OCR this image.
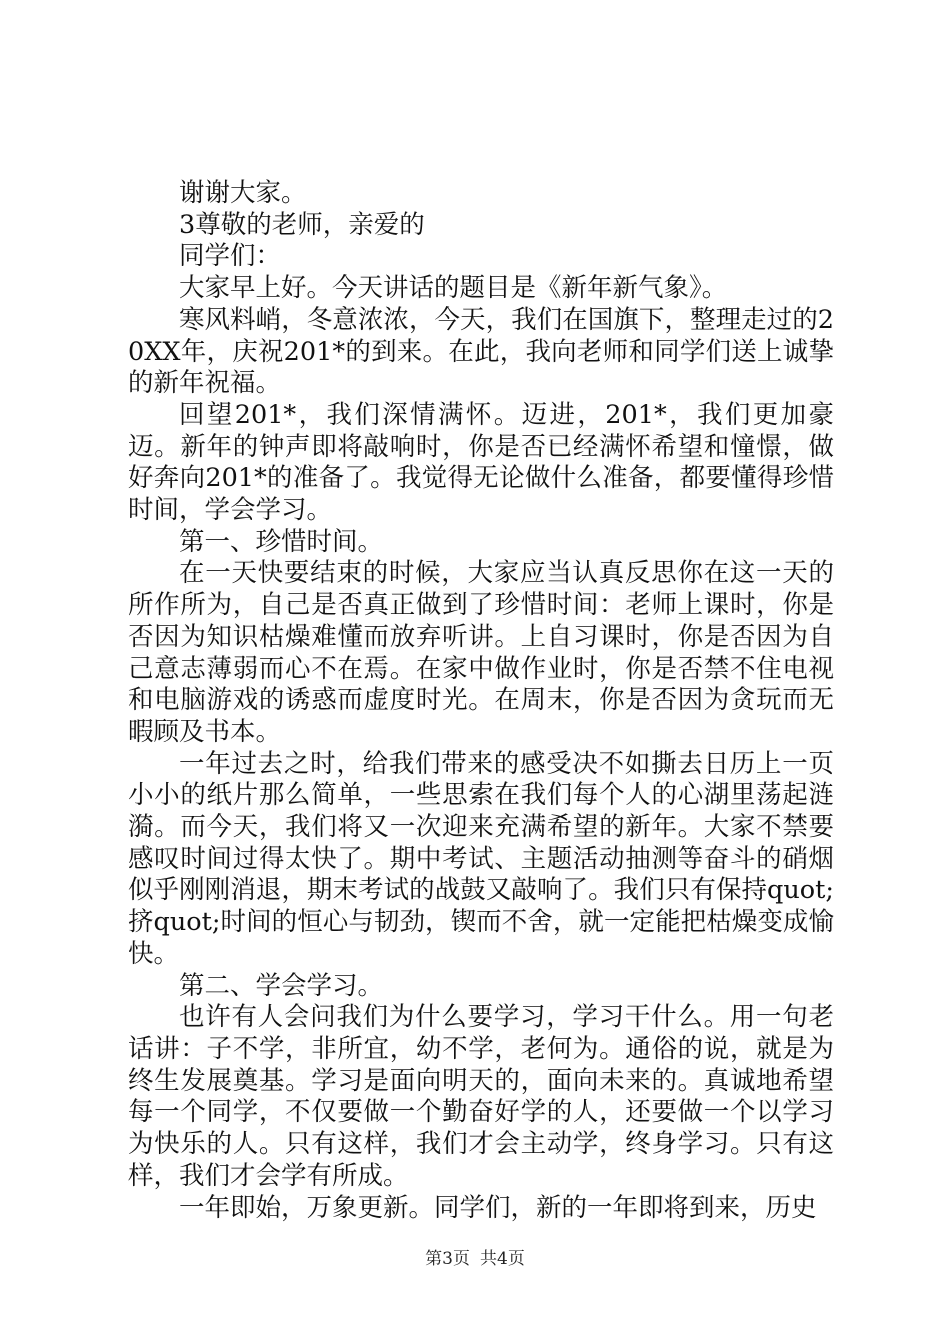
谢谢大家。

3尊敬的老师，亲爱的

同学们：

大家早上好。今天讲话的题目是《新年新气象》。

寒风料峭，冬意浓浓，今天，我们在国旗下，整理走过的20XX年，庆祝201*的到来。在此，我向老师和同学们送上诚挚的新年祝福。

回望201*，我们深情满怀。迈进，201*，我们更加豪迈。新年的钟声即将敲响时，你是否已经满怀希望和憧憬，做好奔向201*的准备了。我觉得无论做什么准备，都要懂得珍惜时间，学会学习。

第一、珍惜时间。

在一天快要结束的时候，大家应当认真反思你在这一天的所作所为，自己是否真正做到了珍惜时间：老师上课时，你是否因为知识枯燥难懂而放弃听讲。上自习课时，你是否因为自己意志薄弱而心不在焉。在家中做作业时，你是否禁不住电视和电脑游戏的诱惑而虚度时光。在周末，你是否因为贪玩而无暇顾及书本。

一年过去之时，给我们带来的感受决不如撕去日历上一页小小的纸片那么简单，一些思索在我们每个人的心湖里荡起涟漪。而今天，我们将又一次迎来充满希望的新年。大家不禁要感叹时间过得太快了。期中考试、主题活动抽测等奋斗的硝烟似乎刚刚消退，期末考试的战鼓又敲响了。我们只有保持quot;挤quot;时间的恒心与韧劲，锲而不舍，就一定能把枯燥变成愉快。

第二、学会学习。

也许有人会问我们为什么要学习，学习干什么。用一句老话讲：子不学，非所宜，幼不学，老何为。通俗的说，就是为终生发展奠基。学习是面向明天的，面向未来的。真诚地希望每一个同学，不仅要做一个勤奋好学的人，还要做一个以学习为快乐的人。只有这样，我们才会主动学，终身学习。只有这样，我们才会学有所成。

一年即始，万象更新。同学们，新的一年即将到来，历史

第3页 共4页
